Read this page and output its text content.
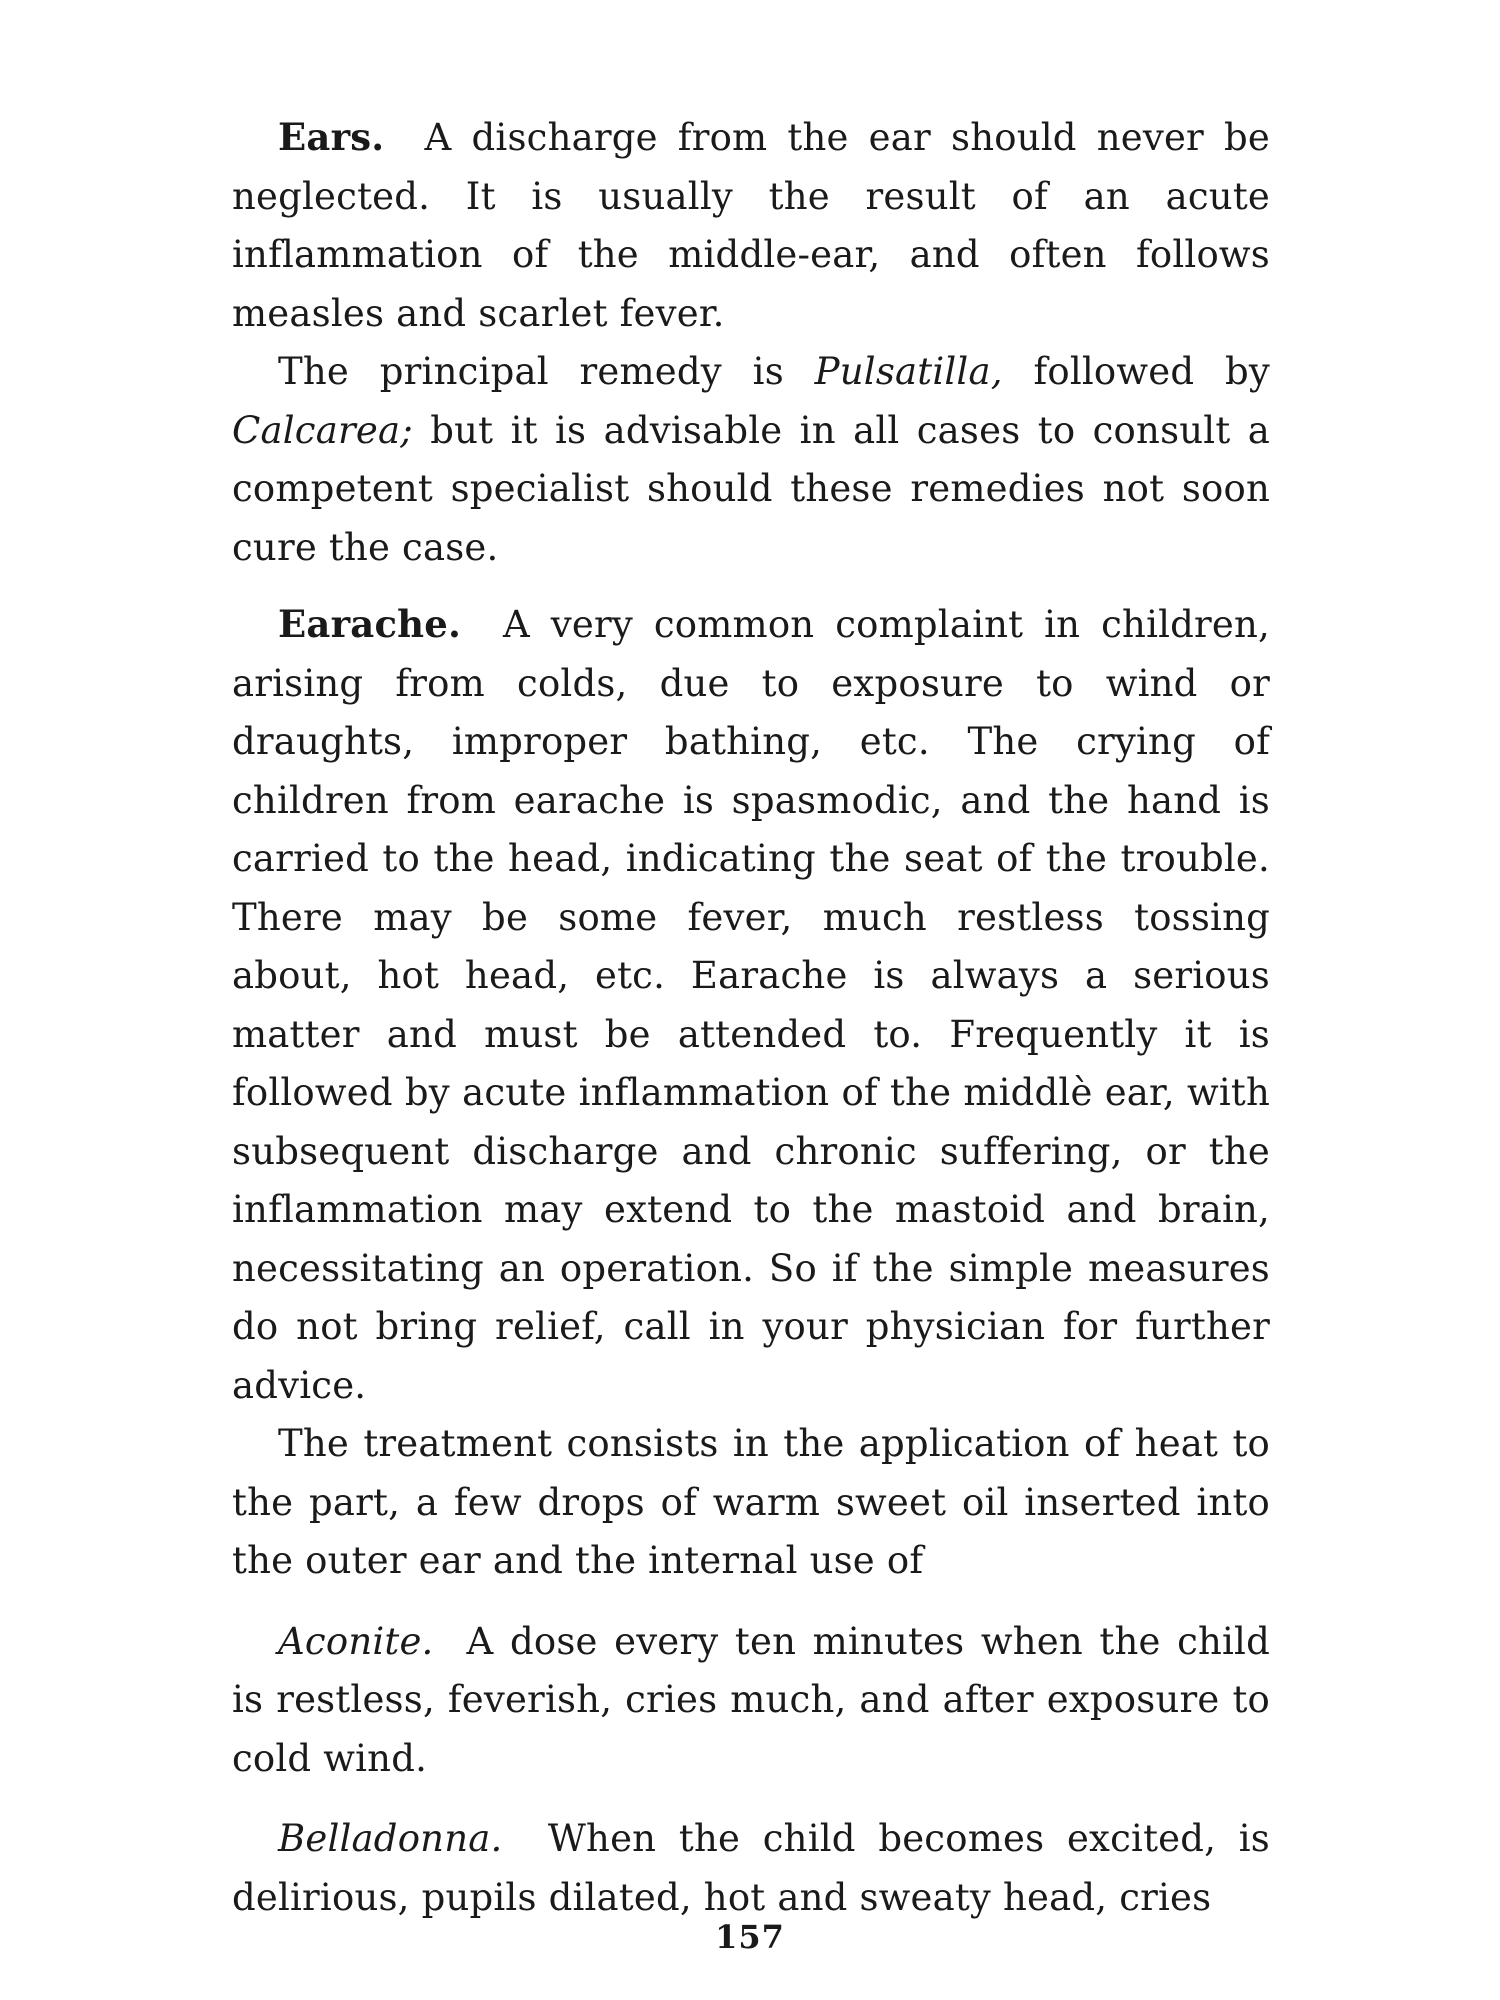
Ears. A discharge from the ear should never be neglected. It is usually the result of an acute inflammation of the middle-ear, and often follows measles and scarlet fever.

The principal remedy is Pulsatilla, followed by Calcarea; but it is advisable in all cases to consult a competent specialist should these remedies not soon cure the case.

Earache. A very common complaint in children, arising from colds, due to exposure to wind or draughts, improper bathing, etc. The crying of children from earache is spasmodic, and the hand is carried to the head, indicating the seat of the trouble. There may be some fever, much restless tossing about, hot head, etc. Earache is always a serious matter and must be attended to. Frequently it is followed by acute inflammation of the middlè ear, with subsequent discharge and chronic suffering, or the inflammation may extend to the mastoid and brain, necessitating an operation. So if the simple measures do not bring relief, call in your physician for further advice.

The treatment consists in the application of heat to the part, a few drops of warm sweet oil inserted into the outer ear and the internal use of

Aconite. A dose every ten minutes when the child is restless, feverish, cries much, and after exposure to cold wind.

Belladonna. When the child becomes excited, is delirious, pupils dilated, hot and sweaty head, cries

157
